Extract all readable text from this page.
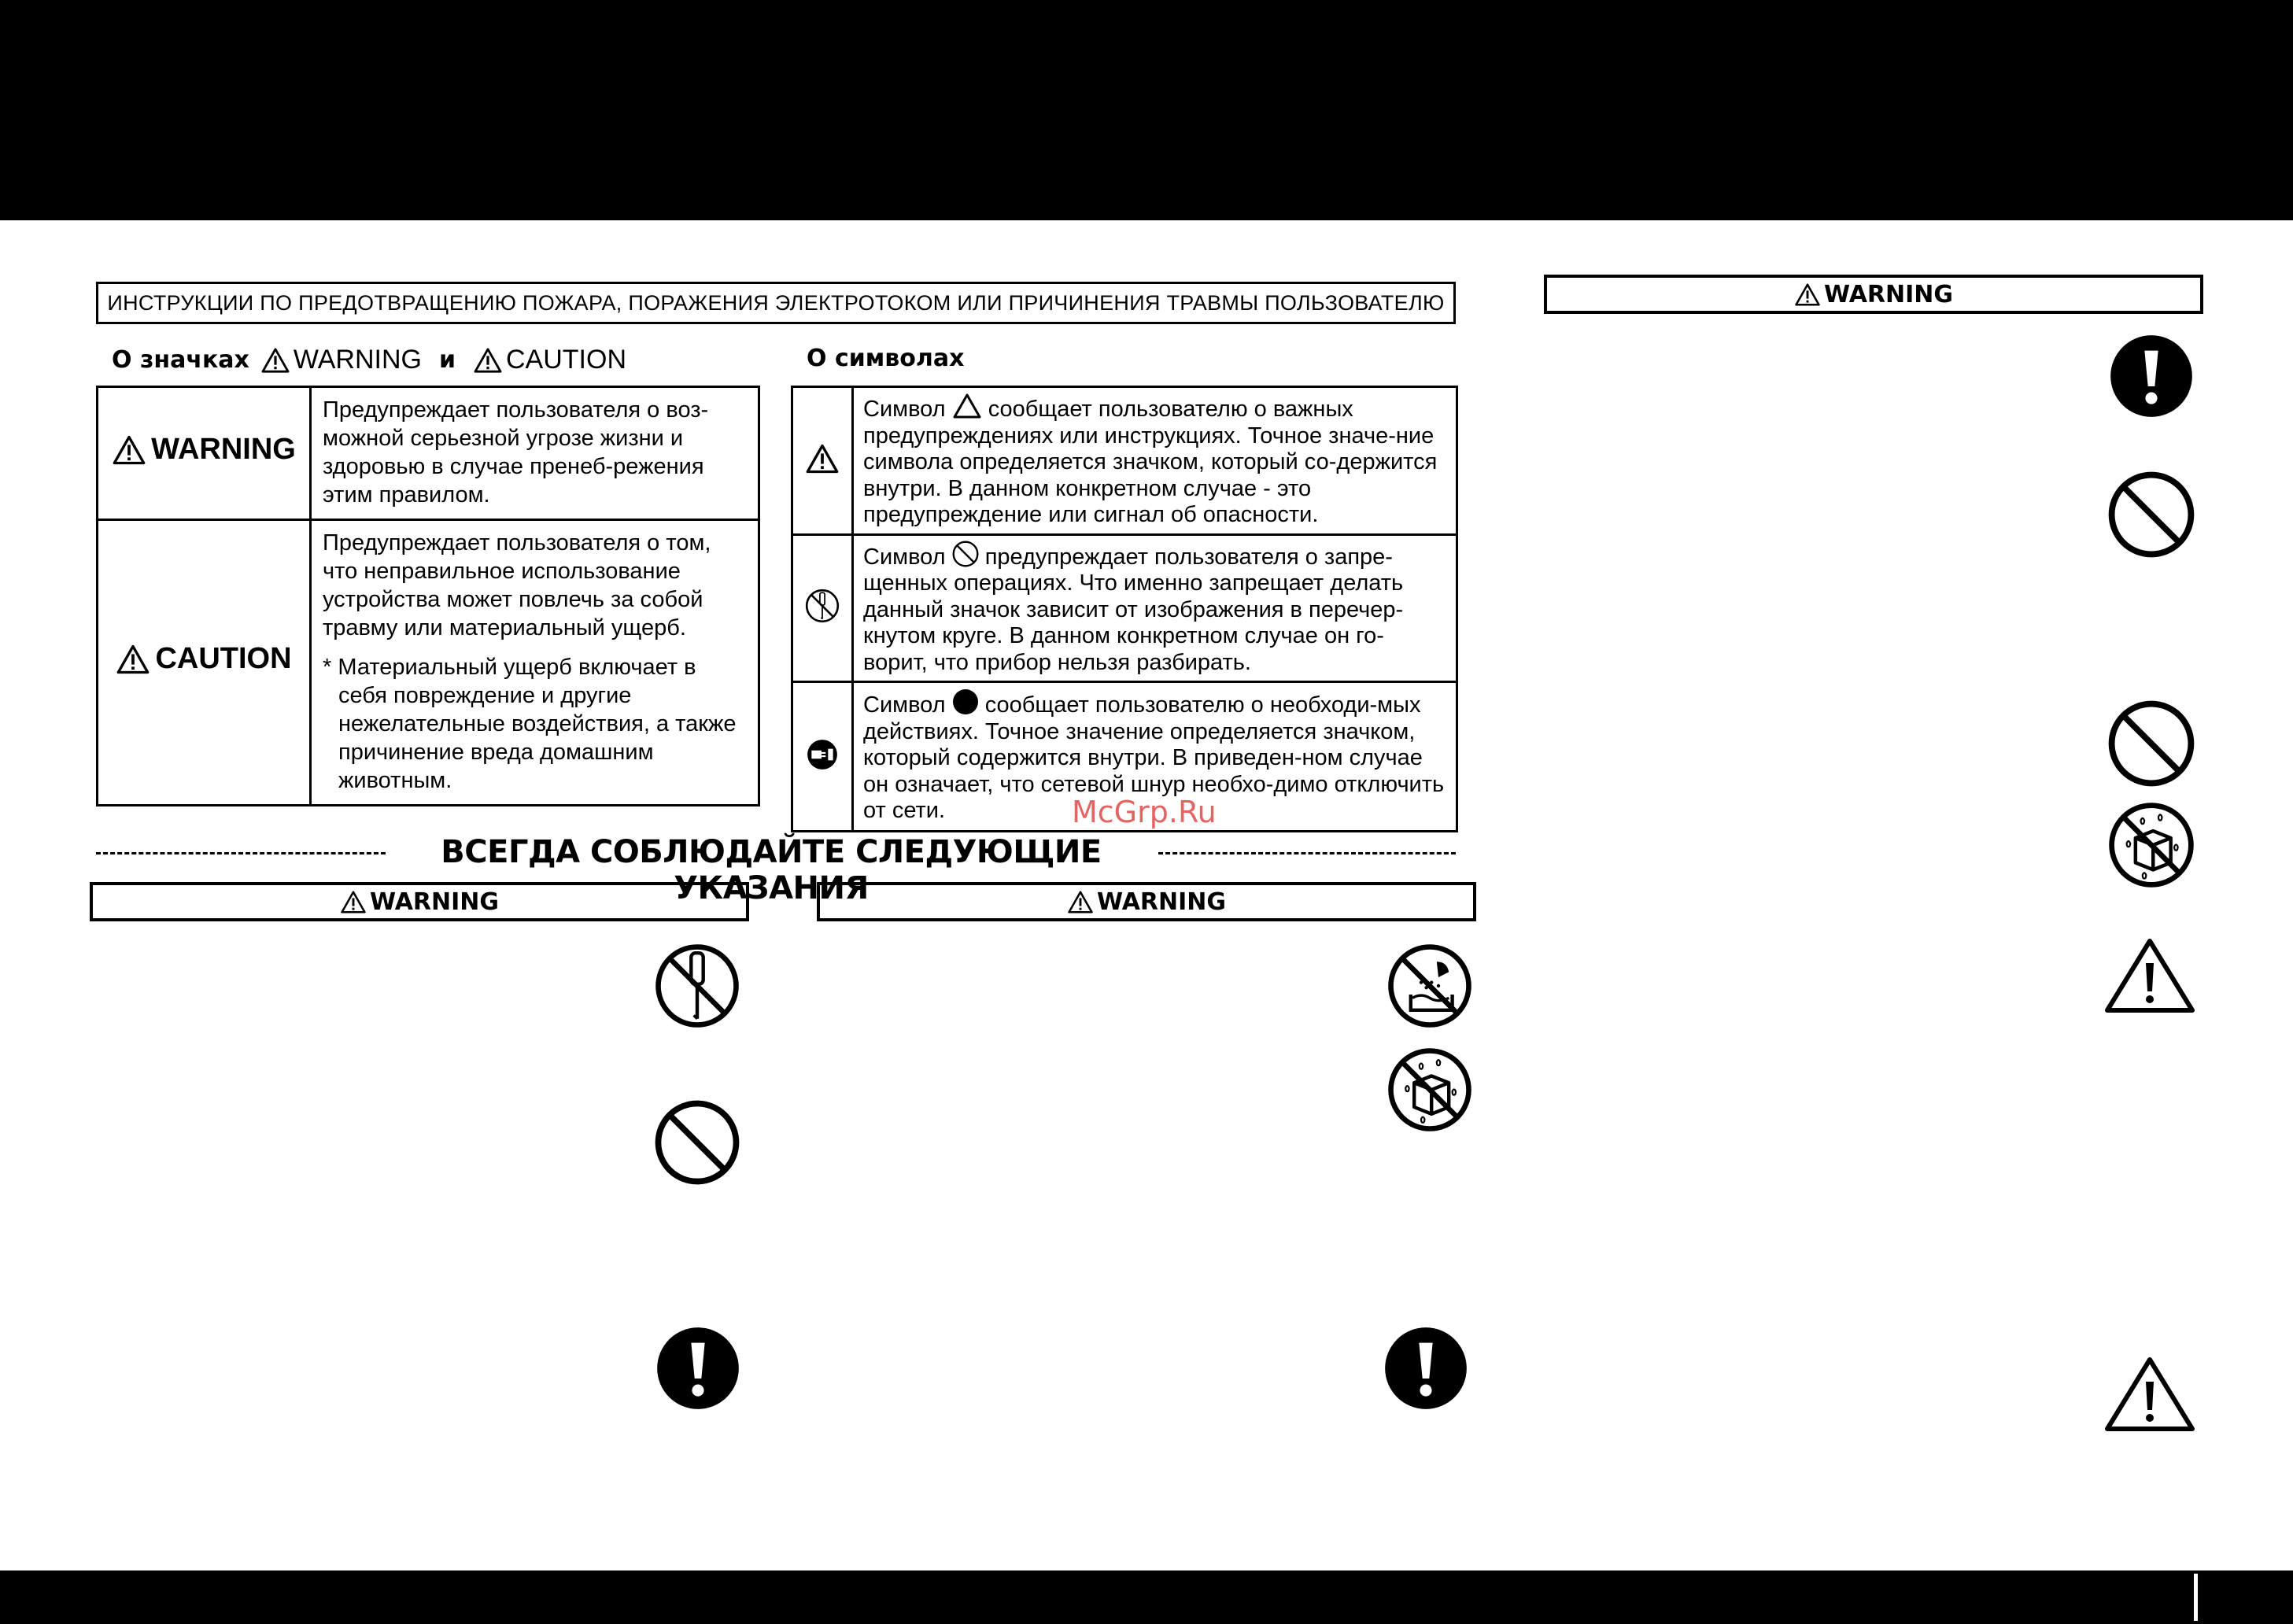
ИНСТРУКЦИИ ПО ПРЕДОТВРАЩЕНИЮ ПОЖАРА, ПОРАЖЕНИЯ ЭЛЕКТРОТОКОМ ИЛИ ПРИЧИНЕНИЯ ТРАВМЫ ПОЛЬЗОВАТЕЛЮ
О значках WARNING и CAUTION
WARNING	Предупреждает пользователя о воз-можной серьезной угрозе жизни и здоровью в случае пренеб-режения этим правилом.

CAUTION	Предупреждает пользователя о том, что неправильное использование устройства может повлечь за собой травму или материальный ущерб.
* Материальный ущерб включает в себя повреждение и другие нежелательные воздействия, а также причинение вреда домашним животным.
О символах
	Символ сообщает пользователю о важных предупреждениях или инструкциях. Точное значе-ние символа определяется значком, который со-держится внутри. В данном конкретном случае - это предупреждение или сигнал об опасности.
	Символ предупреждает пользователя о запре-щенных операциях. Что именно запрещает делать данный значок зависит от изображения в перечер-кнутом круге. В данном конкретном случае он го-ворит, что прибор нельзя разбирать.
	Символ сообщает пользователю о необходи-мых действиях. Точное значение определяется значком, который содержится внутри. В приведен-ном случае он означает, что сетевой шнур необхо-димо отключить от сети.	McGrp.Ru
ВСЕГДА СОБЛЮДАЙТЕ СЛЕДУЮЩИЕ УКАЗАНИЯ
WARNING	WARNING
WARNING
